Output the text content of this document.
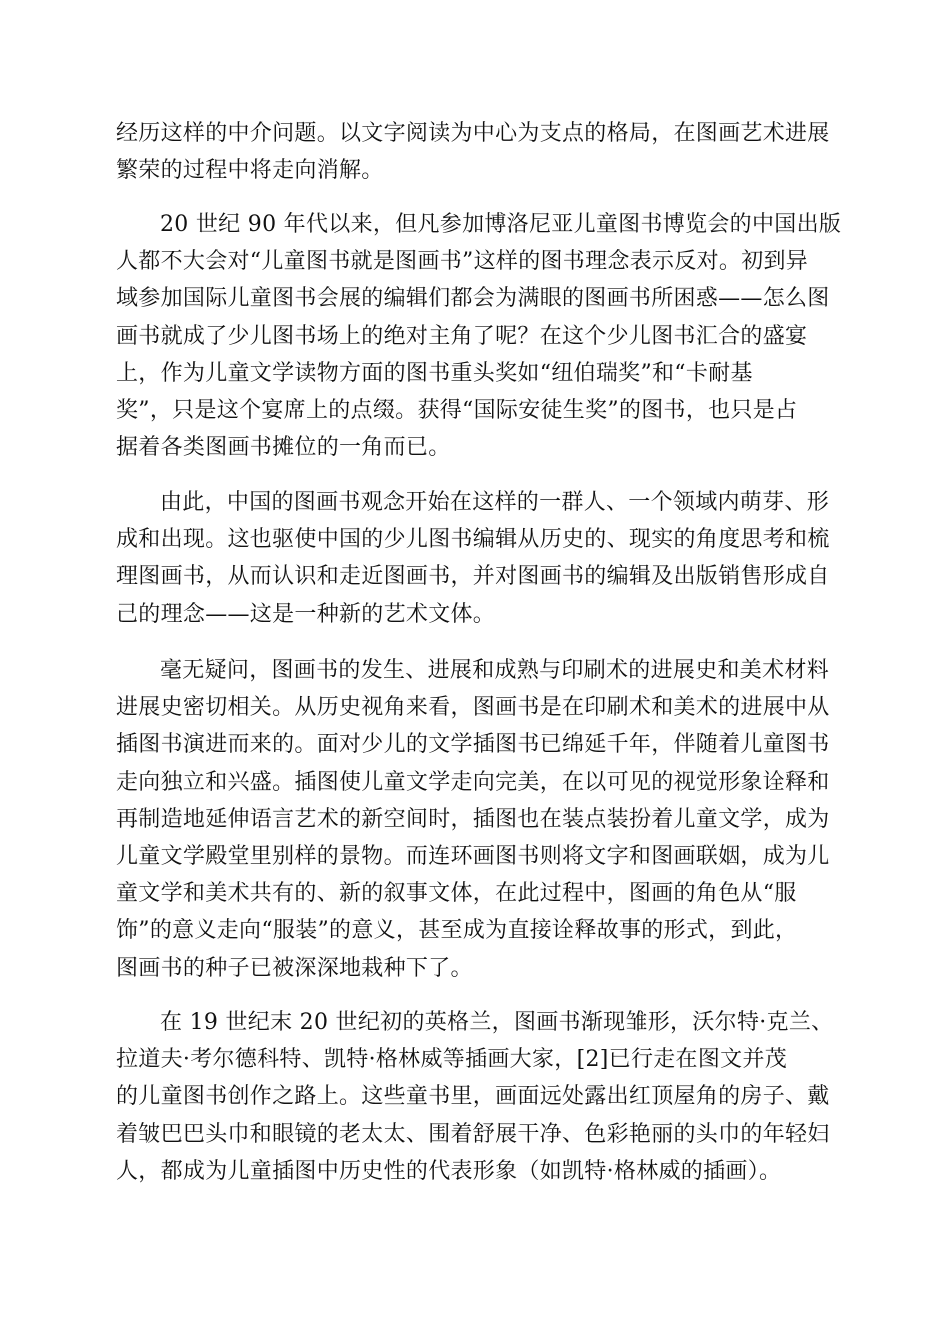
经历这样的中介问题。以文字阅读为中心为支点的格局，在图画艺术进展
繁荣的过程中将走向消解。
20 世纪 90 年代以来，但凡参加博洛尼亚儿童图书博览会的中国出版
人都不大会对“儿童图书就是图画书”这样的图书理念表示反对。初到异
域参加国际儿童图书会展的编辑们都会为满眼的图画书所困惑——怎么图
画书就成了少儿图书场上的绝对主角了呢？在这个少儿图书汇合的盛宴
上，作为儿童文学读物方面的图书重头奖如“纽伯瑞奖”和“卡耐基
奖”，只是这个宴席上的点缀。获得“国际安徒生奖”的图书，也只是占
据着各类图画书摊位的一角而已。
由此，中国的图画书观念开始在这样的一群人、一个领域内萌芽、形
成和出现。这也驱使中国的少儿图书编辑从历史的、现实的角度思考和梳
理图画书，从而认识和走近图画书，并对图画书的编辑及出版销售形成自
己的理念——这是一种新的艺术文体。
毫无疑问，图画书的发生、进展和成熟与印刷术的进展史和美术材料
进展史密切相关。从历史视角来看，图画书是在印刷术和美术的进展中从
插图书演进而来的。面对少儿的文学插图书已绵延千年，伴随着儿童图书
走向独立和兴盛。插图使儿童文学走向完美，在以可见的视觉形象诠释和
再制造地延伸语言艺术的新空间时，插图也在装点装扮着儿童文学，成为
儿童文学殿堂里别样的景物。而连环画图书则将文字和图画联姻，成为儿
童文学和美术共有的、新的叙事文体，在此过程中，图画的角色从“服
饰”的意义走向“服装”的意义，甚至成为直接诠释故事的形式，到此，
图画书的种子已被深深地栽种下了。
在 19 世纪末 20 世纪初的英格兰，图画书渐现雏形，沃尔特·克兰、
拉道夫·考尔德科特、凯特·格林威等插画大家，[2]已行走在图文并茂
的儿童图书创作之路上。这些童书里，画面远处露出红顶屋角的房子、戴
着皱巴巴头巾和眼镜的老太太、围着舒展干净、色彩艳丽的头巾的年轻妇
人，都成为儿童插图中历史性的代表形象（如凯特·格林威的插画）。
